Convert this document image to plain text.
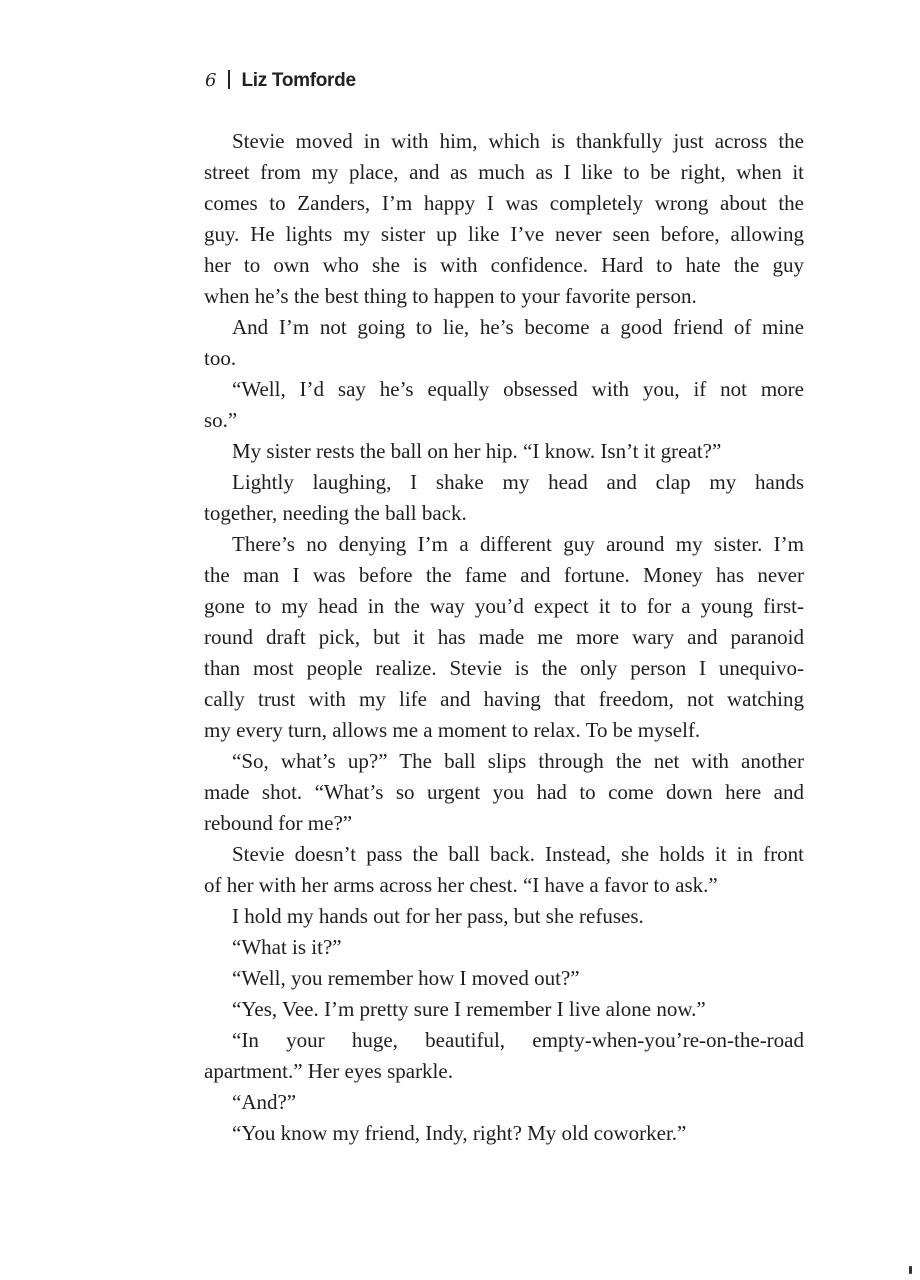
6 Liz Tomforde
Stevie moved in with him, which is thankfully just across the
street from my place, and as much as I like to be right, when it
comes to Zanders, I’m happy I was completely wrong about the
guy. He lights my sister up like I’ve never seen before, allowing
her to own who she is with confidence. Hard to hate the guy
when he’s the best thing to happen to your favorite person.
And I’m not going to lie, he’s become a good friend of mine
too.
“Well, I’d say he’s equally obsessed with you, if not more
so.”
My sister rests the ball on her hip. “I know. Isn’t it great?”
Lightly laughing, I shake my head and clap my hands
together, needing the ball back.
There’s no denying I’m a different guy around my sister. I’m
the man I was before the fame and fortune. Money has never
gone to my head in the way you’d expect it to for a young first-
round draft pick, but it has made me more wary and paranoid
than most people realize. Stevie is the only person I unequivo-
cally trust with my life and having that freedom, not watching
my every turn, allows me a moment to relax. To be myself.
“So, what’s up?” The ball slips through the net with another
made shot. “What’s so urgent you had to come down here and
rebound for me?”
Stevie doesn’t pass the ball back. Instead, she holds it in front
of her with her arms across her chest. “I have a favor to ask.”
I hold my hands out for her pass, but she refuses.
“What is it?”
“Well, you remember how I moved out?”
“Yes, Vee. I’m pretty sure I remember I live alone now.”
“In your huge, beautiful, empty-when-you’re-on-the-road
apartment.” Her eyes sparkle.
“And?”
“You know my friend, Indy, right? My old coworker.”
